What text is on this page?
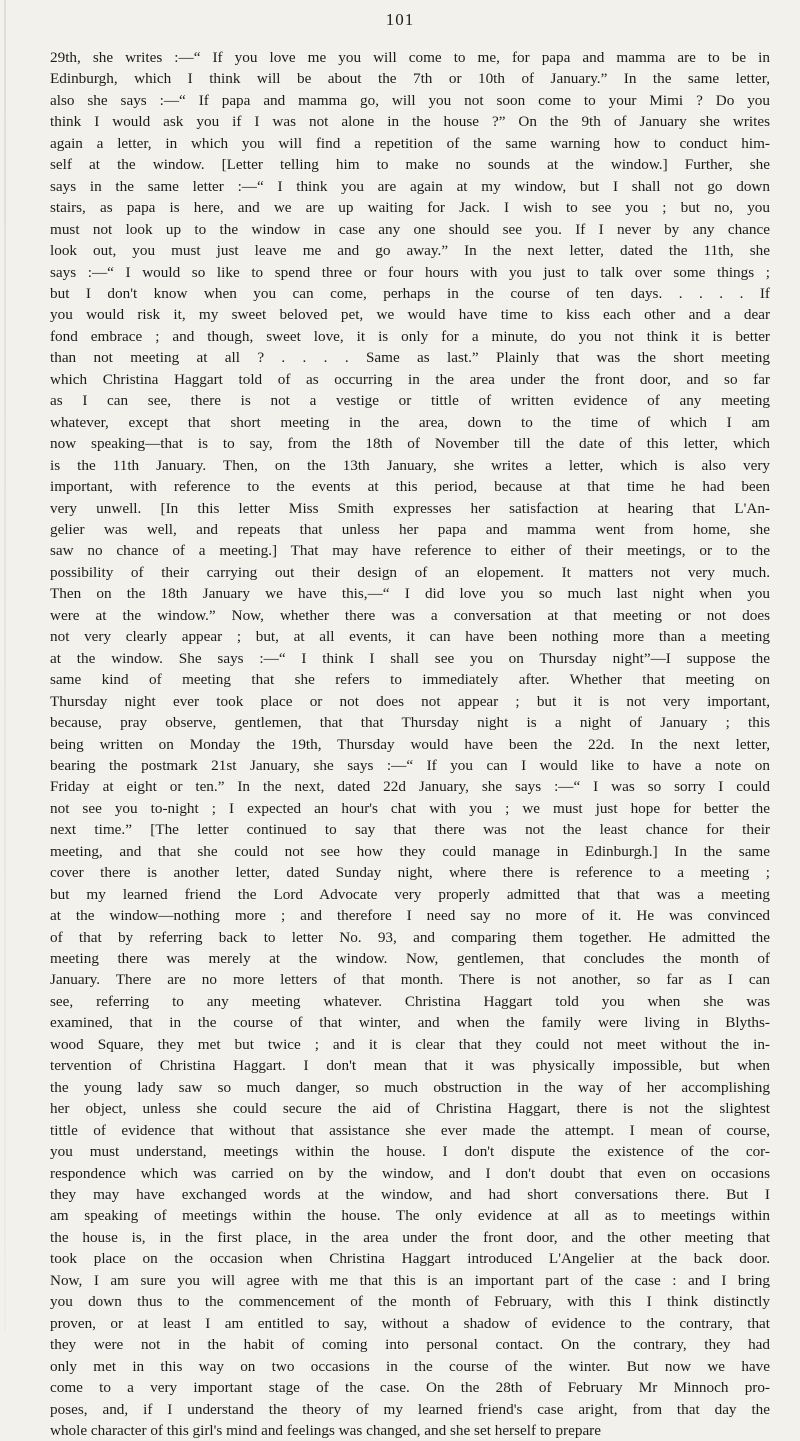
101
29th, she writes :—“ If you love me you will come to me, for papa and mamma are to be in
Edinburgh, which I think will be about the 7th or 10th of January.” In the same letter,
also she says :—“ If papa and mamma go, will you not soon come to your Mimi ? Do you
think I would ask you if I was not alone in the house ?” On the 9th of January she writes
again a letter, in which you will find a repetition of the same warning how to conduct him-
self at the window. [Letter telling him to make no sounds at the window.] Further, she
says in the same letter :—“ I think you are again at my window, but I shall not go down
stairs, as papa is here, and we are up waiting for Jack. I wish to see you ; but no, you
must not look up to the window in case any one should see you. If I never by any chance
look out, you must just leave me and go away.” In the next letter, dated the 11th, she
says :—“ I would so like to spend three or four hours with you just to talk over some things ;
but I don't know when you can come, perhaps in the course of ten days. . . . . If
you would risk it, my sweet beloved pet, we would have time to kiss each other and a dear
fond embrace ; and though, sweet love, it is only for a minute, do you not think it is better
than not meeting at all ? . . . . Same as last.” Plainly that was the short meeting
which Christina Haggart told of as occurring in the area under the front door, and so far
as I can see, there is not a vestige or tittle of written evidence of any meeting
whatever, except that short meeting in the area, down to the time of which I am
now speaking—that is to say, from the 18th of November till the date of this letter, which
is the 11th January. Then, on the 13th January, she writes a letter, which is also very
important, with reference to the events at this period, because at that time he had been
very unwell. [In this letter Miss Smith expresses her satisfaction at hearing that L'An-
gelier was well, and repeats that unless her papa and mamma went from home, she
saw no chance of a meeting.] That may have reference to either of their meetings, or to the
possibility of their carrying out their design of an elopement. It matters not very much.
Then on the 18th January we have this,—“ I did love you so much last night when you
were at the window.” Now, whether there was a conversation at that meeting or not does
not very clearly appear ; but, at all events, it can have been nothing more than a meeting
at the window. She says :—“ I think I shall see you on Thursday night”—I suppose the
same kind of meeting that she refers to immediately after. Whether that meeting on
Thursday night ever took place or not does not appear ; but it is not very important,
because, pray observe, gentlemen, that that Thursday night is a night of January ; this
being written on Monday the 19th, Thursday would have been the 22d. In the next letter,
bearing the postmark 21st January, she says :—“ If you can I would like to have a note on
Friday at eight or ten.” In the next, dated 22d January, she says :—“ I was so sorry I could
not see you to-night ; I expected an hour's chat with you ; we must just hope for better the
next time.” [The letter continued to say that there was not the least chance for their
meeting, and that she could not see how they could manage in Edinburgh.] In the same
cover there is another letter, dated Sunday night, where there is reference to a meeting ;
but my learned friend the Lord Advocate very properly admitted that that was a meeting
at the window—nothing more ; and therefore I need say no more of it. He was convinced
of that by referring back to letter No. 93, and comparing them together. He admitted the
meeting there was merely at the window. Now, gentlemen, that concludes the month of
January. There are no more letters of that month. There is not another, so far as I can
see, referring to any meeting whatever. Christina Haggart told you when she was
examined, that in the course of that winter, and when the family were living in Blyths-
wood Square, they met but twice ; and it is clear that they could not meet without the in-
tervention of Christina Haggart. I don't mean that it was physically impossible, but when
the young lady saw so much danger, so much obstruction in the way of her accomplishing
her object, unless she could secure the aid of Christina Haggart, there is not the slightest
tittle of evidence that without that assistance she ever made the attempt. I mean of course,
you must understand, meetings within the house. I don't dispute the existence of the cor-
respondence which was carried on by the window, and I don't doubt that even on occasions
they may have exchanged words at the window, and had short conversations there. But I
am speaking of meetings within the house. The only evidence at all as to meetings within
the house is, in the first place, in the area under the front door, and the other meeting that
took place on the occasion when Christina Haggart introduced L'Angelier at the back door.
Now, I am sure you will agree with me that this is an important part of the case : and I bring
you down thus to the commencement of the month of February, with this I think distinctly
proven, or at least I am entitled to say, without a shadow of evidence to the contrary, that
they were not in the habit of coming into personal contact. On the contrary, they had
only met in this way on two occasions in the course of the winter. But now we have
come to a very important stage of the case. On the 28th of February Mr Minnoch pro-
poses, and, if I understand the theory of my learned friend's case aright, from that day the
whole character of this girl's mind and feelings was changed, and she set herself to prepare
